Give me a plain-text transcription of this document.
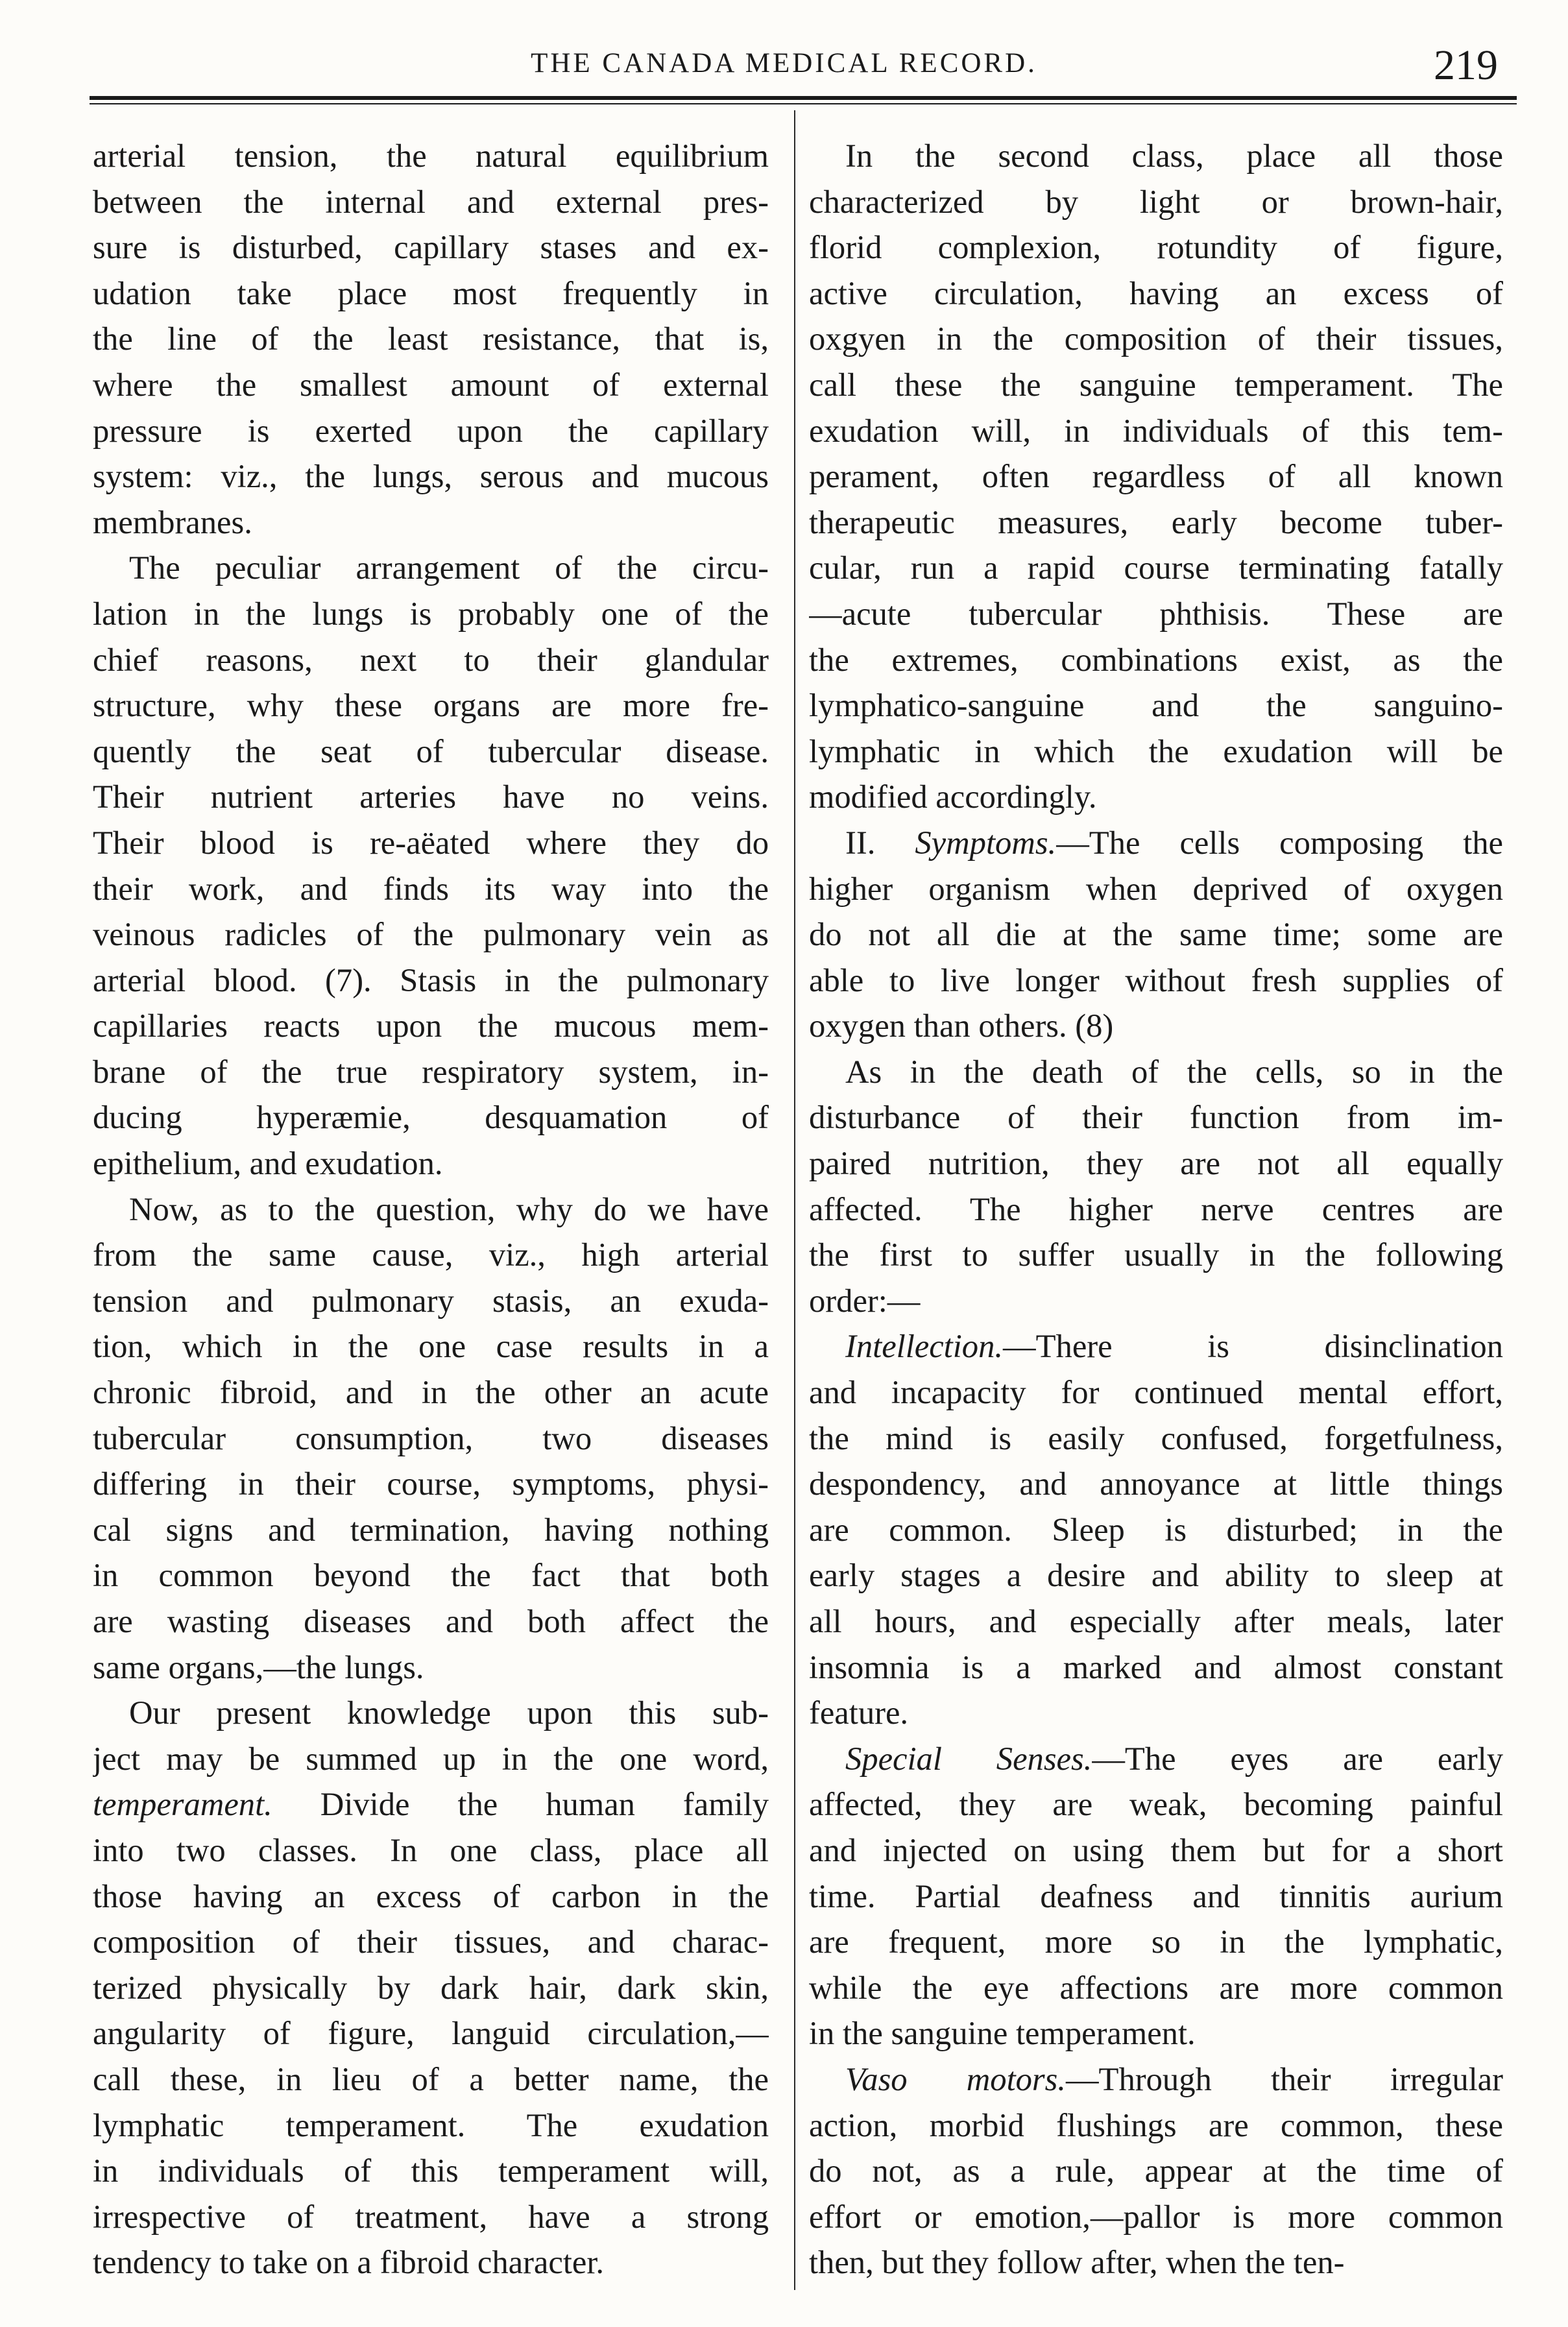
THE CANADA MEDICAL RECORD.	219
arterial tension, the natural equilibrium
between the internal and external pres-
sure is disturbed, capillary stases and ex-
udation take place most frequently in
the line of the least resistance, that is,
where the smallest amount of external
pressure is exerted upon the capillary
system: viz., the lungs, serous and mucous
membranes.
The peculiar arrangement of the circu-
lation in the lungs is probably one of the
chief reasons, next to their glandular
structure, why these organs are more fre-
quently the seat of tubercular disease.
Their nutrient arteries have no veins.
Their blood is re-aëated where they do
their work, and finds its way into the
veinous radicles of the pulmonary vein as
arterial blood. (7). Stasis in the pulmonary
capillaries reacts upon the mucous mem-
brane of the true respiratory system, in-
ducing hyperæmie, desquamation of
epithelium, and exudation.
Now, as to the question, why do we have
from the same cause, viz., high arterial
tension and pulmonary stasis, an exuda-
tion, which in the one case results in a
chronic fibroid, and in the other an acute
tubercular consumption, two diseases
differing in their course, symptoms, physi-
cal signs and termination, having nothing
in common beyond the fact that both
are wasting diseases and both affect the
same organs,—the lungs.
Our present knowledge upon this sub-
ject may be summed up in the one word,
temperament. Divide the human family
into two classes. In one class, place all
those having an excess of carbon in the
composition of their tissues, and charac-
terized physically by dark hair, dark skin,
angularity of figure, languid circulation,—
call these, in lieu of a better name, the
lymphatic temperament. The exudation
in individuals of this temperament will,
irrespective of treatment, have a strong
tendency to take on a fibroid character.
In the second class, place all those
characterized by light or brown-hair,
florid complexion, rotundity of figure,
active circulation, having an excess of
oxgyen in the composition of their tissues,
call these the sanguine temperament. The
exudation will, in individuals of this tem-
perament, often regardless of all known
therapeutic measures, early become tuber-
cular, run a rapid course terminating fatally
—acute tubercular phthisis. These are
the extremes, combinations exist, as the
lymphatico-sanguine and the sanguino-
lymphatic in which the exudation will be
modified accordingly.
II. Symptoms.—The cells composing the
higher organism when deprived of oxygen
do not all die at the same time; some are
able to live longer without fresh supplies of
oxygen than others. (8)
As in the death of the cells, so in the
disturbance of their function from im-
paired nutrition, they are not all equally
affected. The higher nerve centres are
the first to suffer usually in the following
order:—
Intellection.—There is disinclination
and incapacity for continued mental effort,
the mind is easily confused, forgetfulness,
despondency, and annoyance at little things
are common. Sleep is disturbed; in the
early stages a desire and ability to sleep at
all hours, and especially after meals, later
insomnia is a marked and almost constant
feature.
Special Senses.—The eyes are early
affected, they are weak, becoming painful
and injected on using them but for a short
time. Partial deafness and tinnitis aurium
are frequent, more so in the lymphatic,
while the eye affections are more common
in the sanguine temperament.
Vaso motors.—Through their irregular
action, morbid flushings are common, these
do not, as a rule, appear at the time of
effort or emotion,—pallor is more common
then, but they follow after, when the ten-
